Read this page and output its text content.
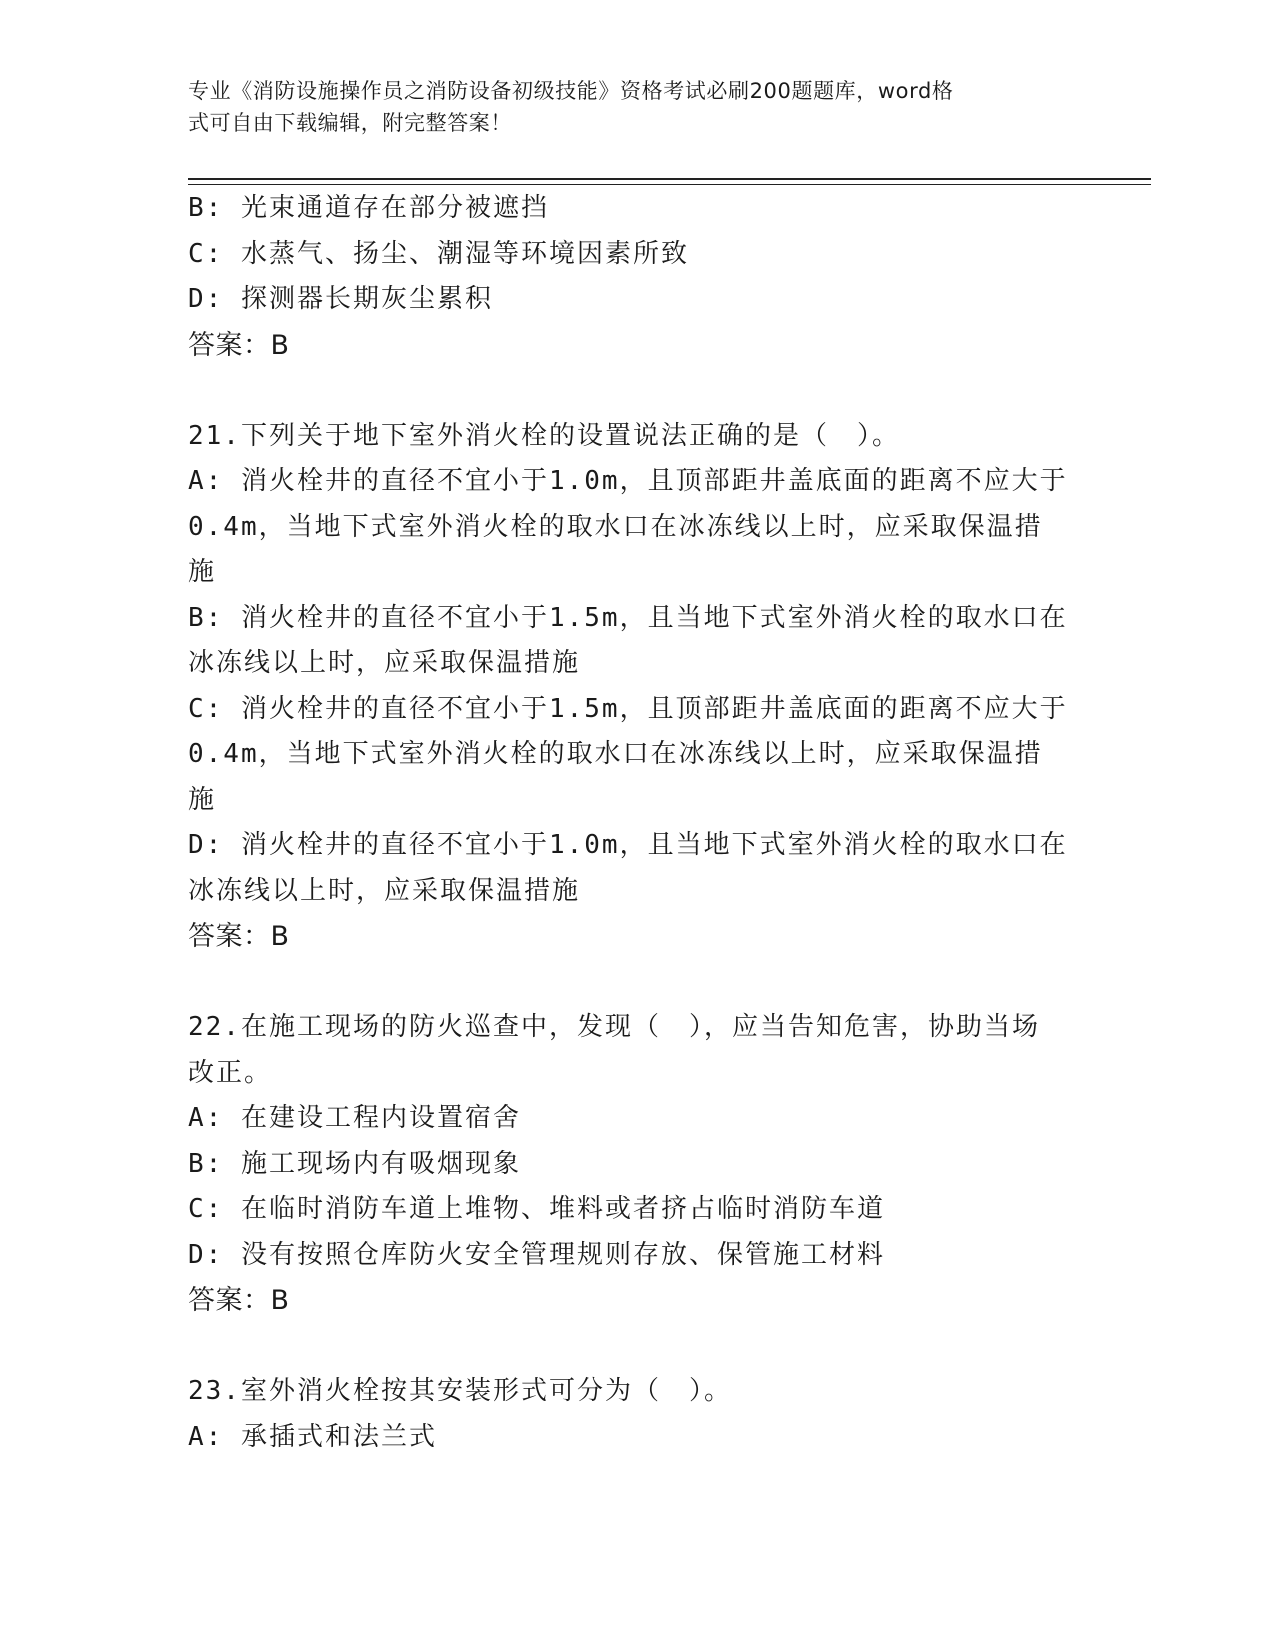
专业《消防设施操作员之消防设备初级技能》资格考试必刷200题题库，word格
式可自由下载编辑，附完整答案！
B: 光束通道存在部分被遮挡
C: 水蒸气、扬尘、潮湿等环境因素所致
D: 探测器长期灰尘累积
答案：B
21.下列关于地下室外消火栓的设置说法正确的是（　）。
A: 消火栓井的直径不宜小于1.0m，且顶部距井盖底面的距离不应大于
0.4m，当地下式室外消火栓的取水口在冰冻线以上时，应采取保温措
施
B: 消火栓井的直径不宜小于1.5m，且当地下式室外消火栓的取水口在
冰冻线以上时，应采取保温措施
C: 消火栓井的直径不宜小于1.5m，且顶部距井盖底面的距离不应大于
0.4m，当地下式室外消火栓的取水口在冰冻线以上时，应采取保温措
施
D: 消火栓井的直径不宜小于1.0m，且当地下式室外消火栓的取水口在
冰冻线以上时，应采取保温措施
答案：B
22.在施工现场的防火巡查中，发现（　），应当告知危害，协助当场
改正。
A: 在建设工程内设置宿舍
B: 施工现场内有吸烟现象
C: 在临时消防车道上堆物、堆料或者挤占临时消防车道
D: 没有按照仓库防火安全管理规则存放、保管施工材料
答案：B
23.室外消火栓按其安装形式可分为（　）。
A: 承插式和法兰式
